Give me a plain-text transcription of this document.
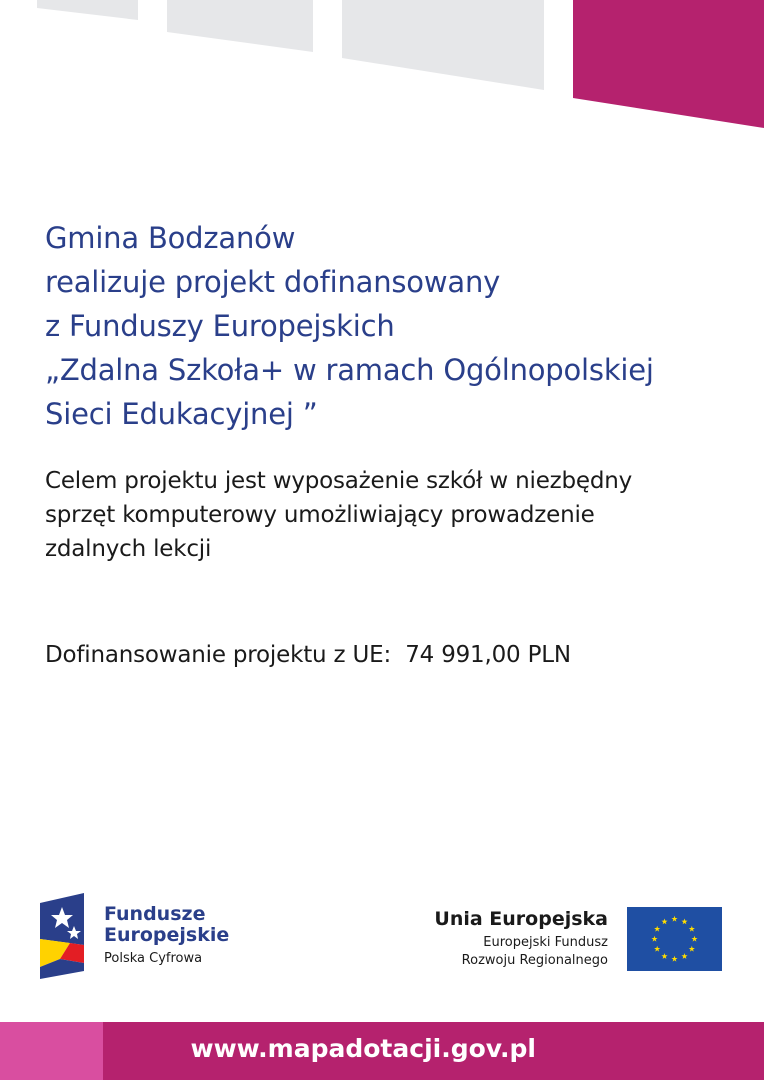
Gmina Bodzanów
realizuje projekt dofinansowany
z Funduszy Europejskich
„Zdalna Szkoła+ w ramach Ogólnopolskiej
Sieci Edukacyjnej ”

Celem projektu jest wyposażenie szkół w niezbędny
sprzęt komputerowy umożliwiający prowadzenie
zdalnych lekcji

Dofinansowanie projektu z UE:  74 991,00 PLN

Fundusze
Europejskie
Polska Cyfrowa
Unia Europejska
Europejski Fundusz
Rozwoju Regionalnego
www.mapadotacji.gov.pl
